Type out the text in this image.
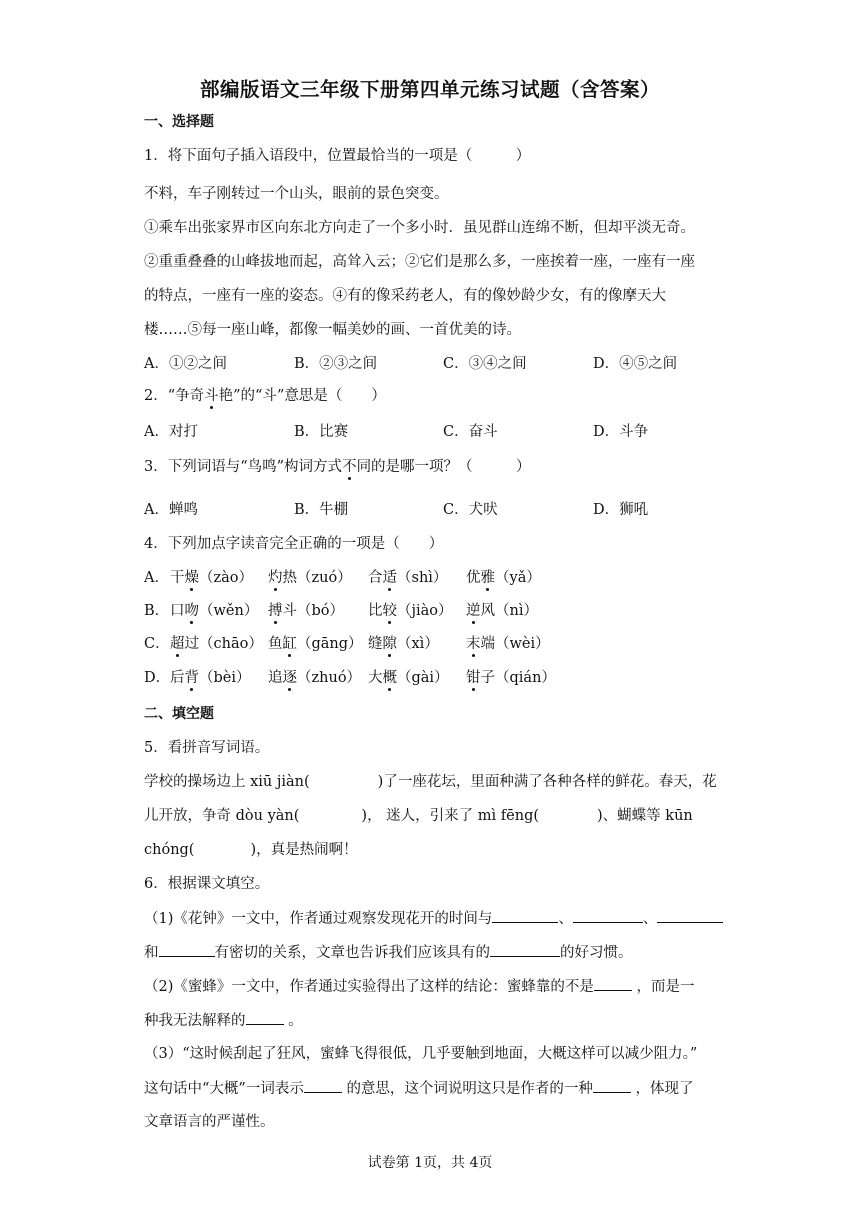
部编版语文三年级下册第四单元练习试题（含答案）
一、选择题
1．将下面句子插入语段中，位置最恰当的一项是（　　　）
不料，车子刚转过一个山头，眼前的景色突变。
①乘车出张家界市区向东北方向走了一个多小时．虽见群山连绵不断，但却平淡无奇。
②重重叠叠的山峰拔地而起，高耸入云；②它们是那么多，一座挨着一座，一座有一座
的特点，一座有一座的姿态。④有的像采药老人，有的像妙龄少女，有的像摩天大
楼……⑤每一座山峰，都像一幅美妙的画、一首优美的诗。
A．①②之间	B．②③之间	C．③④之间	D．④⑤之间
2．“争奇斗艳”的“斗”意思是（　　）
A．对打	B．比赛	C．奋斗	D．斗争
3．下列词语与“鸟鸣”构词方式不同的是哪一项？（　　　）
A．蝉鸣	B．牛棚	C．犬吠	D．狮吼
4．下列加点字读音完全正确的一项是（　　）
A． 干燥（zào） 灼热（zuó） 合适（shì） 优雅（yǎ）
B． 口吻（wěn） 搏斗（bó） 比较（jiào） 逆风（nì）
C． 超过（chāo） 鱼缸（gāng） 缝隙（xì） 末端（wèi）
D． 后背（bèi） 追逐（zhuó） 大概（gài） 钳子（qián）
二、填空题
5．看拼音写词语。
学校的操场边上 xiū jiàn(	)了一座花坛，里面种满了各种各样的鲜花。春天，花
儿开放，争奇 dòu yàn(	)， 迷人，引来了 mì fēng(	)、蝴蝶等 kūn
chóng(	)，真是热闹啊！
6．根据课文填空。
（1)《花钟》一文中，作者通过观察发现花开的时间与	、	、
和	有密切的关系，文章也告诉我们应该具有的	的好习惯。
（2)《蜜蜂》一文中，作者通过实验得出了这样的结论：蜜蜂靠的不是	，而是一
种我无法解释的	。
（3）“这时候刮起了狂风，蜜蜂飞得很低，几乎要触到地面，大概这样可以减少阻力。”
这句话中“大概”一词表示	的意思，这个词说明这只是作者的一种	，体现了
文章语言的严谨性。
试卷第 1页，共 4页
